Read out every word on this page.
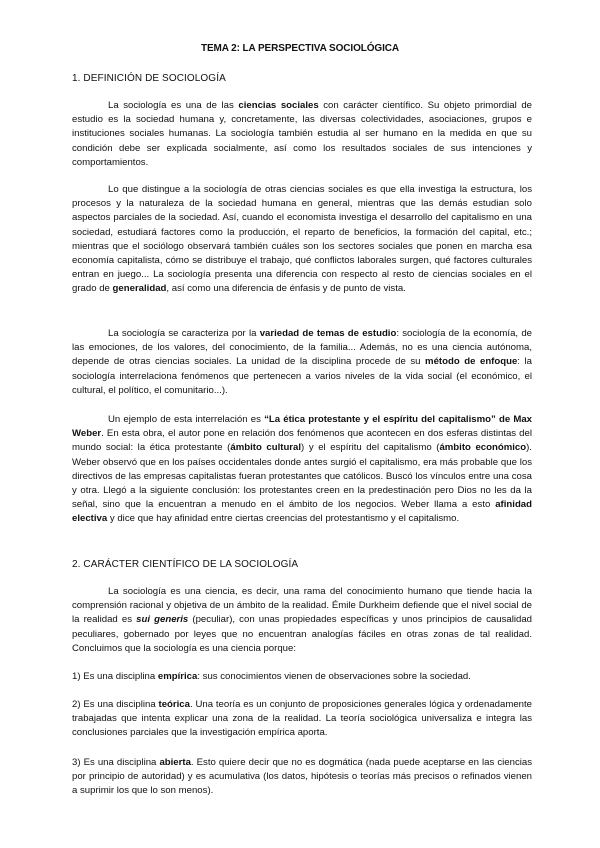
TEMA 2: LA PERSPECTIVA SOCIOLÓGICA
1. DEFINICIÓN DE SOCIOLOGÍA

La sociología es una de las ciencias sociales con carácter científico. Su objeto primordial de estudio es la sociedad humana y, concretamente, las diversas colectividades, asociaciones, grupos e instituciones sociales humanas. La sociología también estudia al ser humano en la medida en que su condición debe ser explicada socialmente, así como los resultados sociales de sus intenciones y comportamientos.

Lo que distingue a la sociología de otras ciencias sociales es que ella investiga la estructura, los procesos y la naturaleza de la sociedad humana en general, mientras que las demás estudian solo aspectos parciales de la sociedad. Así, cuando el economista investiga el desarrollo del capitalismo en una sociedad, estudiará factores como la producción, el reparto de beneficios, la formación del capital, etc.; mientras que el sociólogo observará también cuáles son los sectores sociales que ponen en marcha esa economía capitalista, cómo se distribuye el trabajo, qué conflictos laborales surgen, qué factores culturales entran en juego... La sociología presenta una diferencia con respecto al resto de ciencias sociales en el grado de generalidad, así como una diferencia de énfasis y de punto de vista.

La sociología se caracteriza por la variedad de temas de estudio: sociología de la economía, de las emociones, de los valores, del conocimiento, de la familia... Además, no es una ciencia autónoma, depende de otras ciencias sociales. La unidad de la disciplina procede de su método de enfoque: la sociología interrelaciona fenómenos que pertenecen a varios niveles de la vida social (el económico, el cultural, el político, el comunitario...).

Un ejemplo de esta interrelación es “La ética protestante y el espíritu del capitalismo” de Max Weber. En esta obra, el autor pone en relación dos fenómenos que acontecen en dos esferas distintas del mundo social: la ética protestante (ámbito cultural) y el espíritu del capitalismo (ámbito económico). Weber observó que en los países occidentales donde antes surgió el capitalismo, era más probable que los directivos de las empresas capitalistas fueran protestantes que católicos. Buscó los vínculos entre una cosa y otra. Llegó a la siguiente conclusión: los protestantes creen en la predestinación pero Dios no les da la señal, sino que la encuentran a menudo en el ámbito de los negocios. Weber llama a esto afinidad electiva y dice que hay afinidad entre ciertas creencias del protestantismo y el capitalismo.

2. CARÁCTER CIENTÍFICO DE LA SOCIOLOGÍA

La sociología es una ciencia, es decir, una rama del conocimiento humano que tiende hacia la comprensión racional y objetiva de un ámbito de la realidad. Émile Durkheim defiende que el nivel social de la realidad es sui generis (peculiar), con unas propiedades específicas y unos principios de causalidad peculiares, gobernado por leyes que no encuentran analogías fáciles en otras zonas de tal realidad. Concluimos que la sociología es una ciencia porque:

1) Es una disciplina empírica: sus conocimientos vienen de observaciones sobre la sociedad.

2) Es una disciplina teórica. Una teoría es un conjunto de proposiciones generales lógica y ordenadamente trabajadas que intenta explicar una zona de la realidad. La teoría sociológica universaliza e integra las conclusiones parciales que la investigación empírica aporta.

3) Es una disciplina abierta. Esto quiere decir que no es dogmática (nada puede aceptarse en las ciencias por principio de autoridad) y es acumulativa (los datos, hipótesis o teorías más precisos o refinados vienen a suprimir los que lo son menos).
